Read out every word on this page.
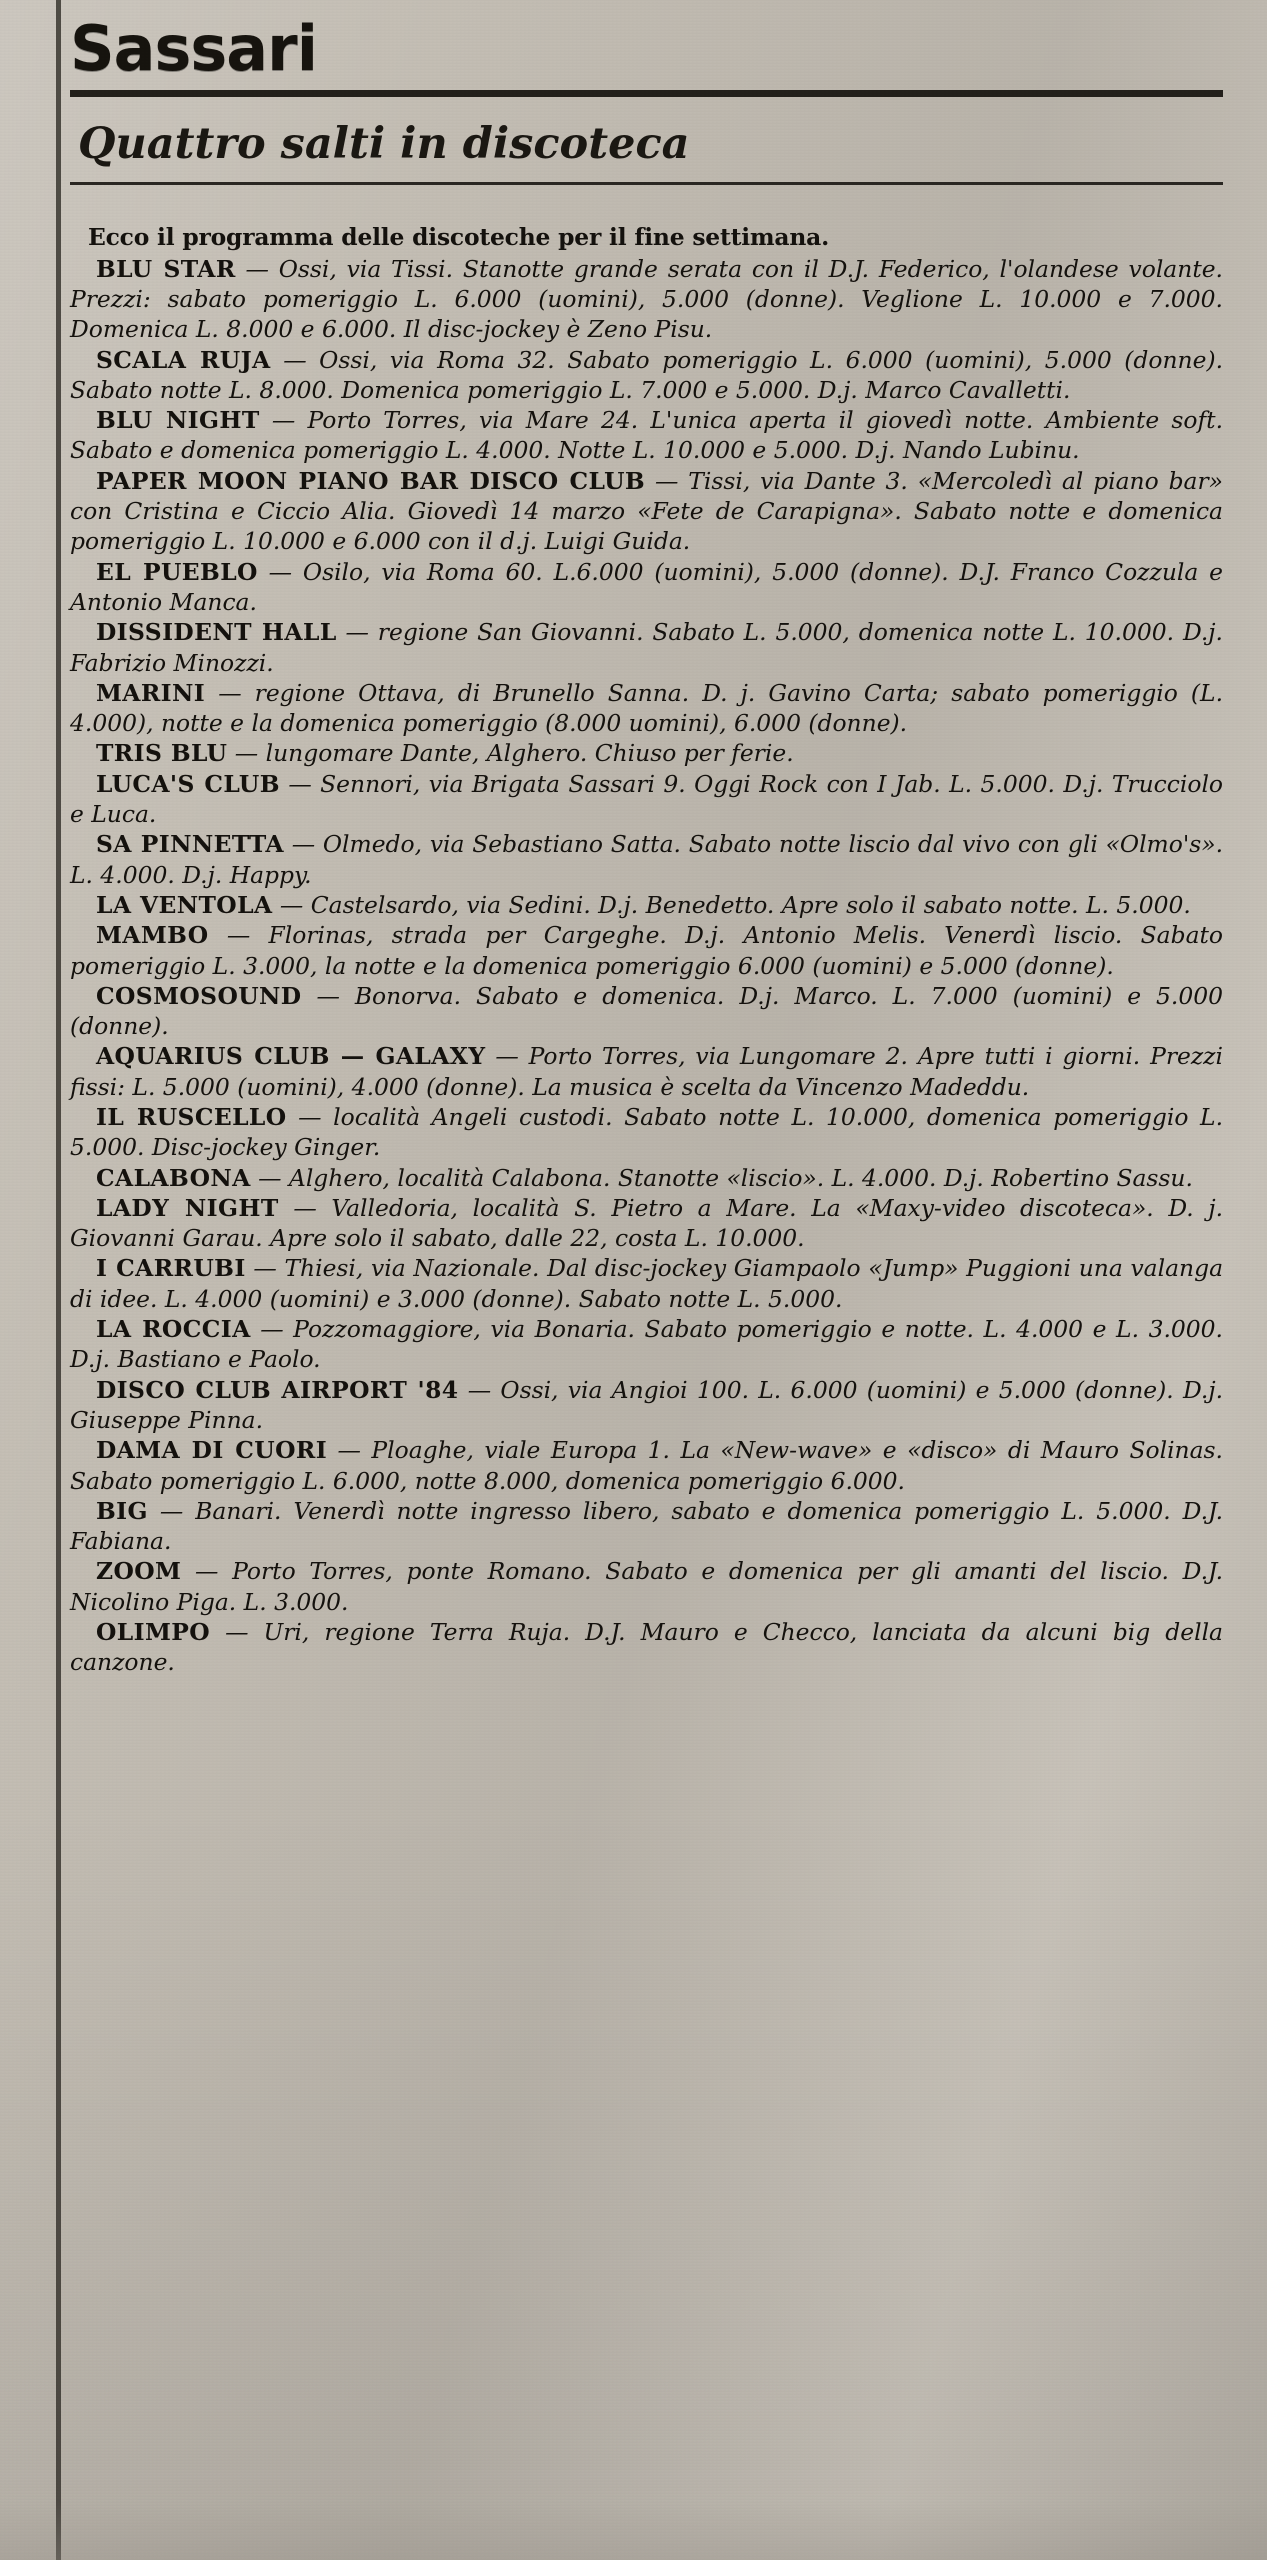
Sassari
Quattro salti in discoteca

Ecco il programma delle discoteche per il fine settimana.

BLU STAR — Ossi, via Tissi. Stanotte grande serata con il D.J. Federico, l'olandese volante. Prezzi: sabato pomeriggio L. 6.000 (uomini), 5.000 (donne). Veglione L. 10.000 e 7.000. Domenica L. 8.000 e 6.000. Il disc-jockey è Zeno Pisu.

SCALA RUJA — Ossi, via Roma 32. Sabato pomeriggio L. 6.000 (uomini), 5.000 (donne). Sabato notte L. 8.000. Domenica pomeriggio L. 7.000 e 5.000. D.j. Marco Cavalletti.

BLU NIGHT — Porto Torres, via Mare 24. L'unica aperta il giovedì notte. Ambiente soft. Sabato e domenica pomeriggio L. 4.000. Notte L. 10.000 e 5.000. D.j. Nando Lubinu.

PAPER MOON PIANO BAR DISCO CLUB — Tissi, via Dante 3. «Mercoledì al piano bar» con Cristina e Ciccio Alia. Giovedì 14 marzo «Fete de Carapigna». Sabato notte e domenica pomeriggio L. 10.000 e 6.000 con il d.j. Luigi Guida.

EL PUEBLO — Osilo, via Roma 60. L.6.000 (uomini), 5.000 (donne). D.J. Franco Cozzula e Antonio Manca.

DISSIDENT HALL — regione San Giovanni. Sabato L. 5.000, domenica notte L. 10.000. D.j. Fabrizio Minozzi.

MARINI — regione Ottava, di Brunello Sanna. D. j. Gavino Carta; sabato pomeriggio (L. 4.000), notte e la domenica pomeriggio (8.000 uomini), 6.000 (donne).

TRIS BLU — lungomare Dante, Alghero. Chiuso per ferie.

LUCA'S CLUB — Sennori, via Brigata Sassari 9. Oggi Rock con I Jab. L. 5.000. D.j. Trucciolo e Luca.

SA PINNETTA — Olmedo, via Sebastiano Satta. Sabato notte liscio dal vivo con gli «Olmo's». L. 4.000. D.j. Happy.

LA VENTOLA — Castelsardo, via Sedini. D.j. Benedetto. Apre solo il sabato notte. L. 5.000.

MAMBO — Florinas, strada per Cargeghe. D.j. Antonio Melis. Venerdì liscio. Sabato pomeriggio L. 3.000, la notte e la domenica pomeriggio 6.000 (uomini) e 5.000 (donne).

COSMOSOUND — Bonorva. Sabato e domenica. D.j. Marco. L. 7.000 (uomini) e 5.000 (donne).

AQUARIUS CLUB — GALAXY — Porto Torres, via Lungomare 2. Apre tutti i giorni. Prezzi fissi: L. 5.000 (uomini), 4.000 (donne). La musica è scelta da Vincenzo Madeddu.

IL RUSCELLO — località Angeli custodi. Sabato notte L. 10.000, domenica pomeriggio L. 5.000. Disc-jockey Ginger.

CALABONA — Alghero, località Calabona. Stanotte «liscio». L. 4.000. D.j. Robertino Sassu.

LADY NIGHT — Valledoria, località S. Pietro a Mare. La «Maxy-video discoteca». D. j. Giovanni Garau. Apre solo il sabato, dalle 22, costa L. 10.000.

I CARRUBI — Thiesi, via Nazionale. Dal disc-jockey Giampaolo «Jump» Puggioni una valanga di idee. L. 4.000 (uomini) e 3.000 (donne). Sabato notte L. 5.000.

LA ROCCIA — Pozzomaggiore, via Bonaria. Sabato pomeriggio e notte. L. 4.000 e L. 3.000. D.j. Bastiano e Paolo.

DISCO CLUB AIRPORT '84 — Ossi, via Angioi 100. L. 6.000 (uomini) e 5.000 (donne). D.j. Giuseppe Pinna.

DAMA DI CUORI — Ploaghe, viale Europa 1. La «New-wave» e «disco» di Mauro Solinas. Sabato pomeriggio L. 6.000, notte 8.000, domenica pomeriggio 6.000.

BIG — Banari. Venerdì notte ingresso libero, sabato e domenica pomeriggio L. 5.000. D.J. Fabiana.

ZOOM — Porto Torres, ponte Romano. Sabato e domenica per gli amanti del liscio. D.J. Nicolino Piga. L. 3.000.

OLIMPO — Uri, regione Terra Ruja. D.J. Mauro e Checco, lanciata da alcuni big della canzone.
